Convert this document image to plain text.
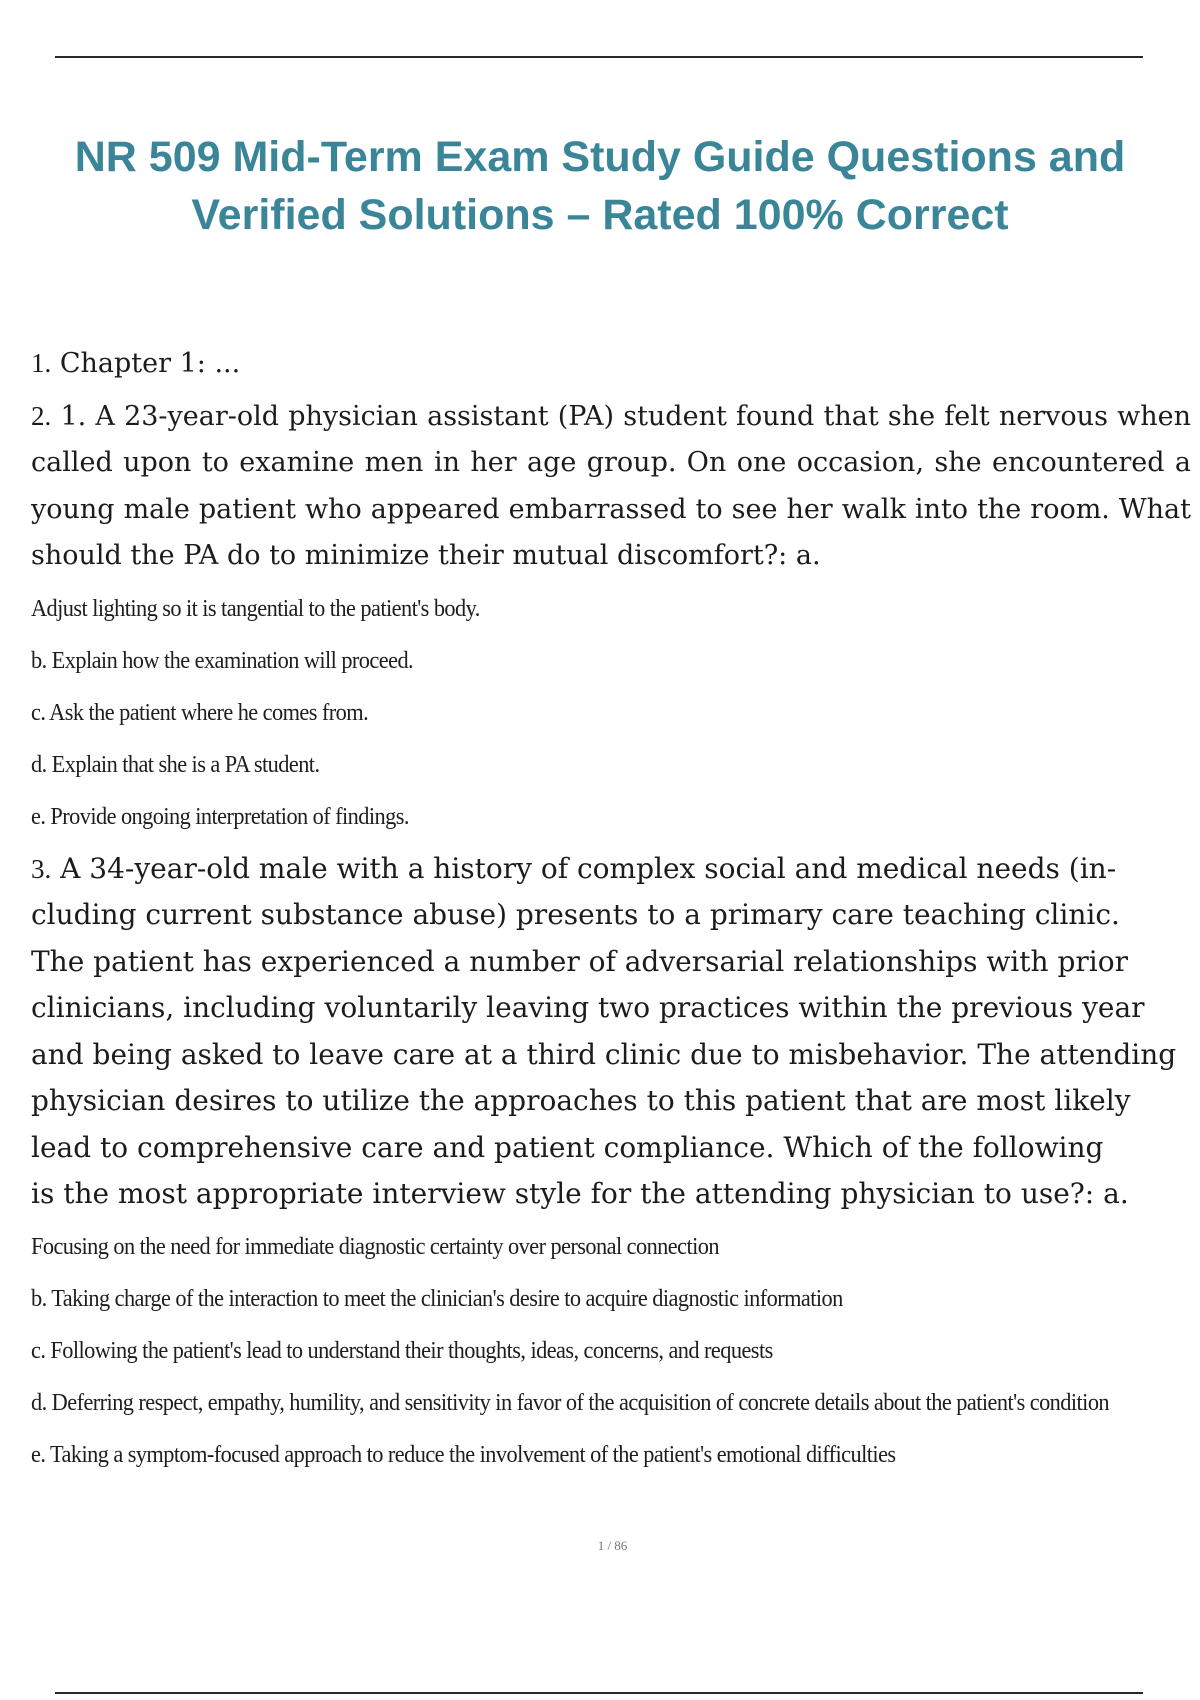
NR 509 Mid-Term Exam Study Guide Questions and
Verified Solutions – Rated 100% Correct

1. Chapter 1: ...

2. 1. A 23-year-old physician assistant (PA) student found that she felt nervous when called upon to examine men in her age group. On one occasion, she encountered a young male patient who appeared embarrassed to see her walk into the room. What should the PA do to minimize their mutual discomfort?: a.

Adjust lighting so it is tangential to the patient's body.
b. Explain how the examination will proceed.
c. Ask the patient where he comes from.
d. Explain that she is a PA student.
e. Provide ongoing interpretation of findings.

3. A 34-year-old male with a history of complex social and medical needs (in-
cluding current substance abuse) presents to a primary care teaching clinic.
The patient has experienced a number of adversarial relationships with prior
clinicians, including voluntarily leaving two practices within the previous year
and being asked to leave care at a third clinic due to misbehavior. The attending
physician desires to utilize the approaches to this patient that are most likely
lead to comprehensive care and patient compliance. Which of the following
is the most appropriate interview style for the attending physician to use?: a.

Focusing on the need for immediate diagnostic certainty over personal connection
b. Taking charge of the interaction to meet the clinician's desire to acquire diagnostic information
c. Following the patient's lead to understand their thoughts, ideas, concerns, and requests
d. Deferring respect, empathy, humility, and sensitivity in favor of the acquisition of concrete details about the patient's condition
e. Taking a symptom-focused approach to reduce the involvement of the patient's emotional difficulties
1 / 86
